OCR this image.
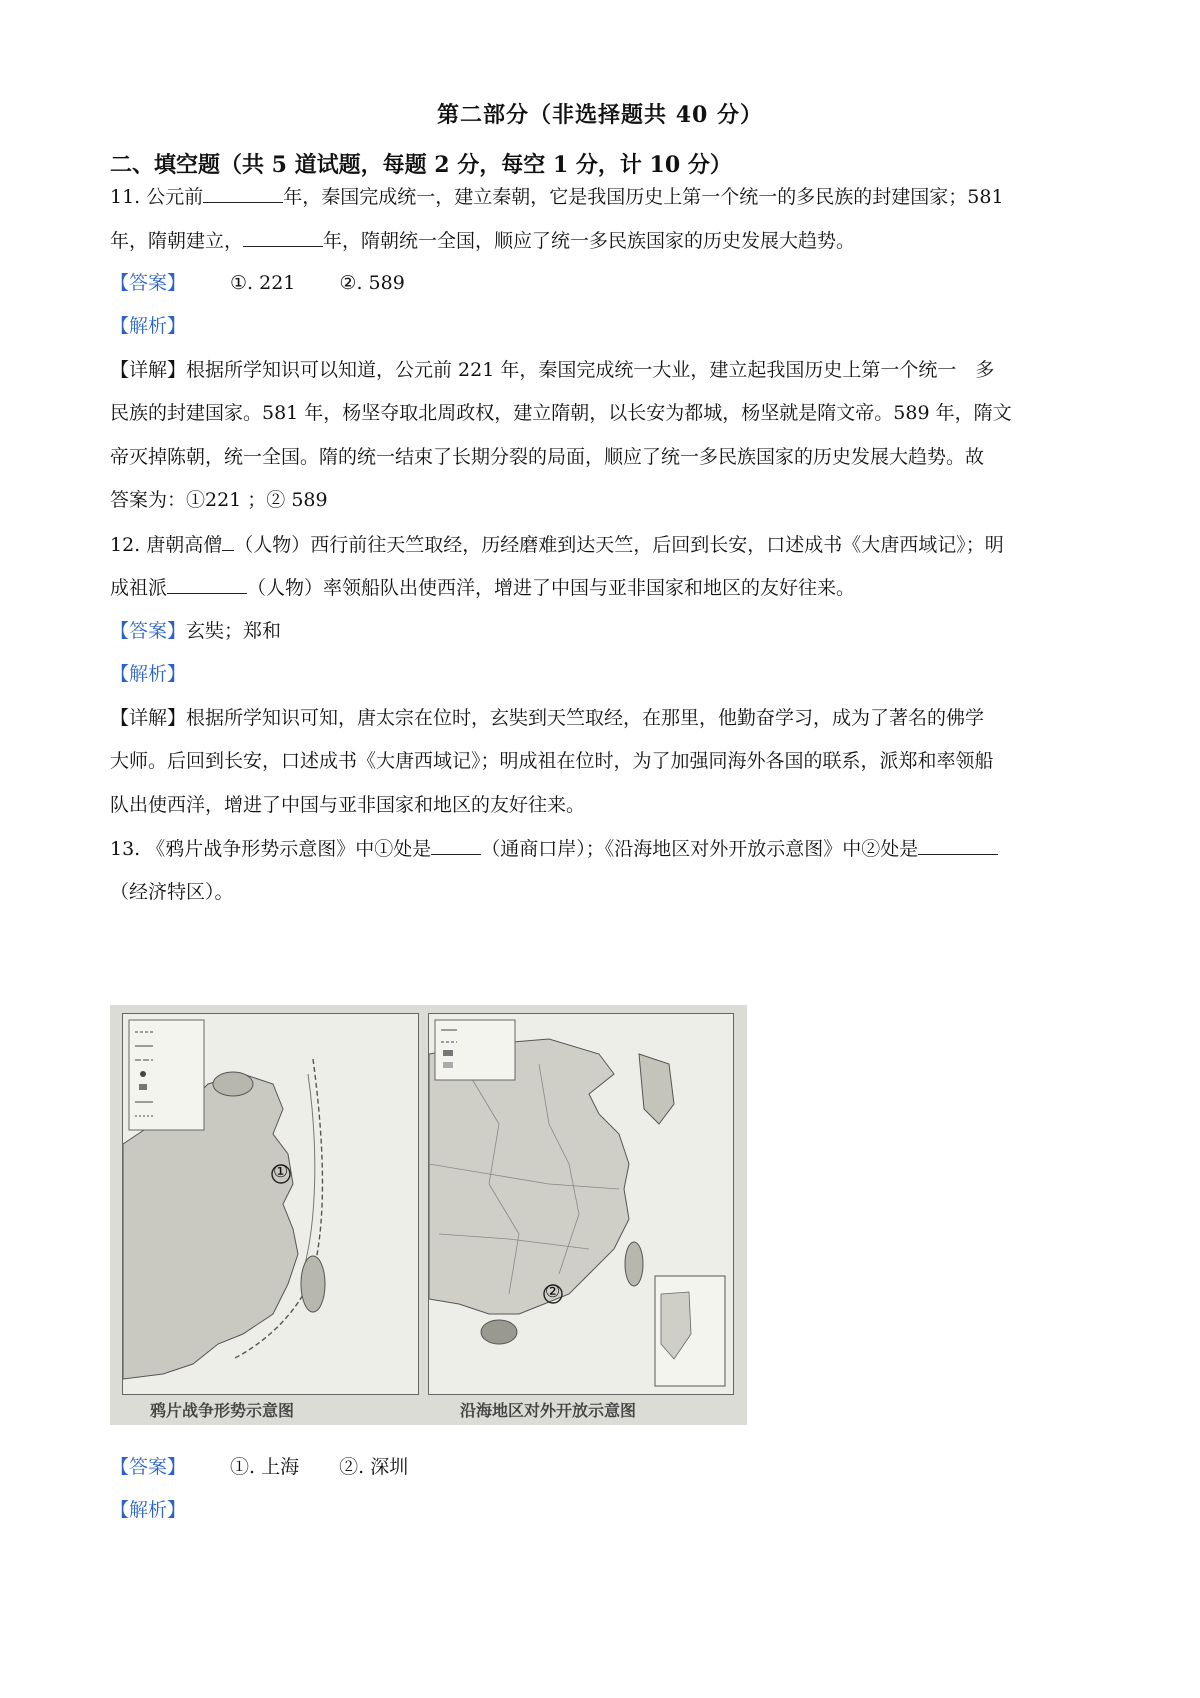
第二部分（非选择题共 40 分）
二、填空题（共 5 道试题，每题 2 分，每空 1 分，计 10 分）
11. 公元前	年，秦国完成统一，建立秦朝，它是我国历史上第一个统一的多民族的封建国家；581
年，隋朝建立，	年，隋朝统一全国，顺应了统一多民族国家的历史发展大趋势。
【答案】 ①. 221 ②. 589
【解析】
【详解】根据所学知识可以知道，公元前 221 年，秦国完成统一大业，建立起我国历史上第一个统一　多
民族的封建国家。581 年，杨坚夺取北周政权，建立隋朝，以长安为都城，杨坚就是隋文帝。589 年，隋文
帝灭掉陈朝，统一全国。隋的统一结束了长期分裂的局面，顺应了统一多民族国家的历史发展大趋势。故
答案为：①221 ；② 589
12. 唐朝高僧 （人物）西行前往天竺取经，历经磨难到达天竺，后回到长安，口述成书《大唐西域记》；明
成祖派	（人物）率领船队出使西洋，增进了中国与亚非国家和地区的友好往来。
【答案】玄奘；郑和
【解析】
【详解】根据所学知识可知，唐太宗在位时，玄奘到天竺取经，在那里，他勤奋学习，成为了著名的佛学
大师。后回到长安，口述成书《大唐西域记》；明成祖在位时，为了加强同海外各国的联系，派郑和率领船
队出使西洋，增进了中国与亚非国家和地区的友好往来。
13. 《鸦片战争形势示意图》中①处是	（通商口岸）；《沿海地区对外开放示意图》中②处是
（经济特区）。
①
鸦片战争形势示意图
②
沿海地区对外开放示意图
【答案】 ①. 上海 ②. 深圳
【解析】
